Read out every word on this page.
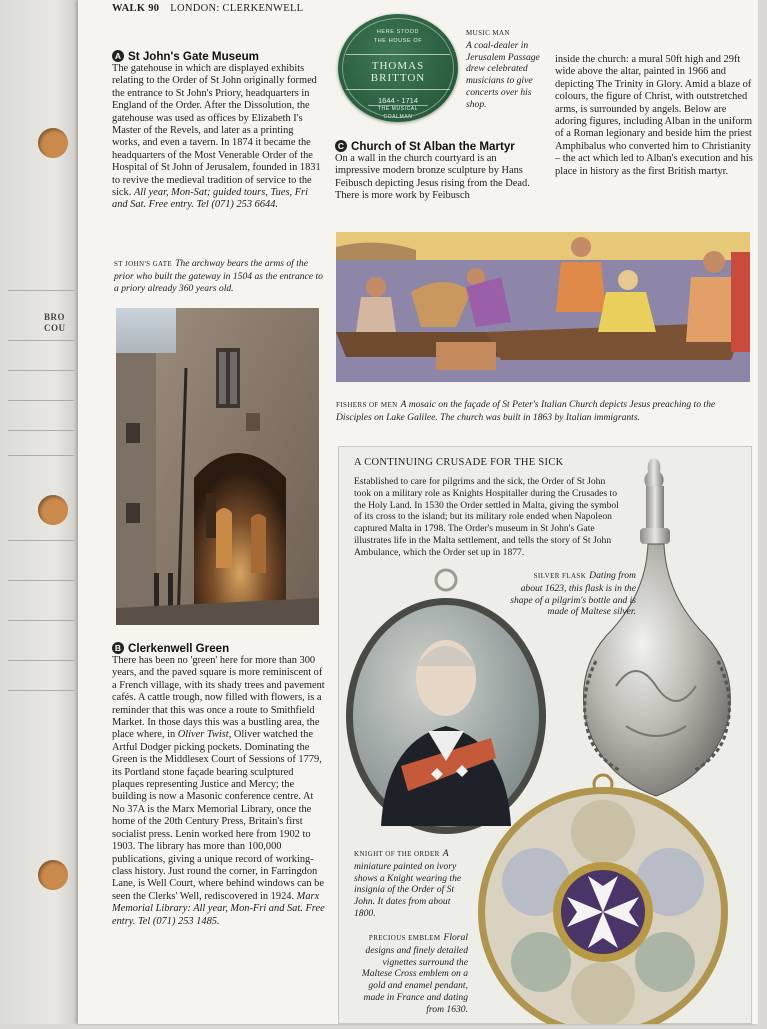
BRO
COU
WALK 90 LONDON: CLERKENWELL
A St John's Gate Museum
The gatehouse in which are displayed exhibits relating to the Order of St John originally formed the entrance to St John's Priory, headquarters in England of the Order. After the Dissolution, the gatehouse was used as offices by Elizabeth I's Master of the Revels, and later as a printing works, and even a tavern. In 1874 it became the headquarters of the Most Venerable Order of the Hospital of St John of Jerusalem, founded in 1831 to revive the medieval tradition of service to the sick. All year, Mon-Sat; guided tours, Tues, Fri and Sat. Free entry. Tel (071) 253 6644.
ST JOHN'S GATE The archway bears the arms of the prior who built the gateway in 1504 as the entrance to a priory already 360 years old.
B Clerkenwell Green
There has been no 'green' here for more than 300 years, and the paved square is more reminiscent of a French village, with its shady trees and pavement cafés. A cattle trough, now filled with flowers, is a reminder that this was once a route to Smithfield Market. In those days this was a bustling area, the place where, in Oliver Twist, Oliver watched the Artful Dodger picking pockets. Dominating the Green is the Middlesex Court of Sessions of 1779, its Portland stone façade bearing sculptured plaques representing Justice and Mercy; the building is now a Masonic conference centre. At No 37A is the Marx Memorial Library, once the home of the 20th Century Press, Britain's first socialist press. Lenin worked here from 1902 to 1903. The library has more than 100,000 publications, giving a unique record of working-class history. Just round the corner, in Farringdon Lane, is Well Court, where behind windows can be seen the Clerks' Well, rediscovered in 1924. Marx Memorial Library: All year, Mon-Fri and Sat. Free entry. Tel (071) 253 1485.
HERE STOOD
THE HOUSE OF
THOMAS BRITTON
1644 - 1714
THE MUSICAL
COALMAN
MUSIC MAN
A coal-dealer in Jerusalem Passage drew celebrated musicians to give concerts over his shop.
C Church of St Alban the Martyr
On a wall in the church courtyard is an impressive modern bronze sculpture by Hans Feibusch depicting Jesus rising from the Dead. There is more work by Feibusch
inside the church: a mural 50ft high and 29ft wide above the altar, painted in 1966 and depicting The Trinity in Glory. Amid a blaze of colours, the figure of Christ, with outstretched arms, is surrounded by angels. Below are adoring figures, including Alban in the uniform of a Roman legionary and beside him the priest Amphibalus who converted him to Christianity – the act which led to Alban's execution and his place in history as the first British martyr.
FISHERS OF MEN A mosaic on the façade of St Peter's Italian Church depicts Jesus preaching to the Disciples on Lake Galilee. The church was built in 1863 by Italian immigrants.
A CONTINUING CRUSADE FOR THE SICK
Established to care for pilgrims and the sick, the Order of St John took on a military role as Knights Hospitaller during the Crusades to the Holy Land. In 1530 the Order settled in Malta, giving the symbol of its cross to the island; but its military role ended when Napoleon captured Malta in 1798. The Order's museum in St John's Gate illustrates life in the Malta settlement, and tells the story of St John Ambulance, which the Order set up in 1877.
SILVER FLASK Dating from about 1623, this flask is in the shape of a pilgrim's bottle and is made of Maltese silver.
KNIGHT OF THE ORDER A miniature painted on ivory shows a Knight wearing the insignia of the Order of St John. It dates from about 1800.
PRECIOUS EMBLEM Floral designs and finely detailed vignettes surround the Maltese Cross emblem on a gold and enamel pendant, made in France and dating from 1630.
